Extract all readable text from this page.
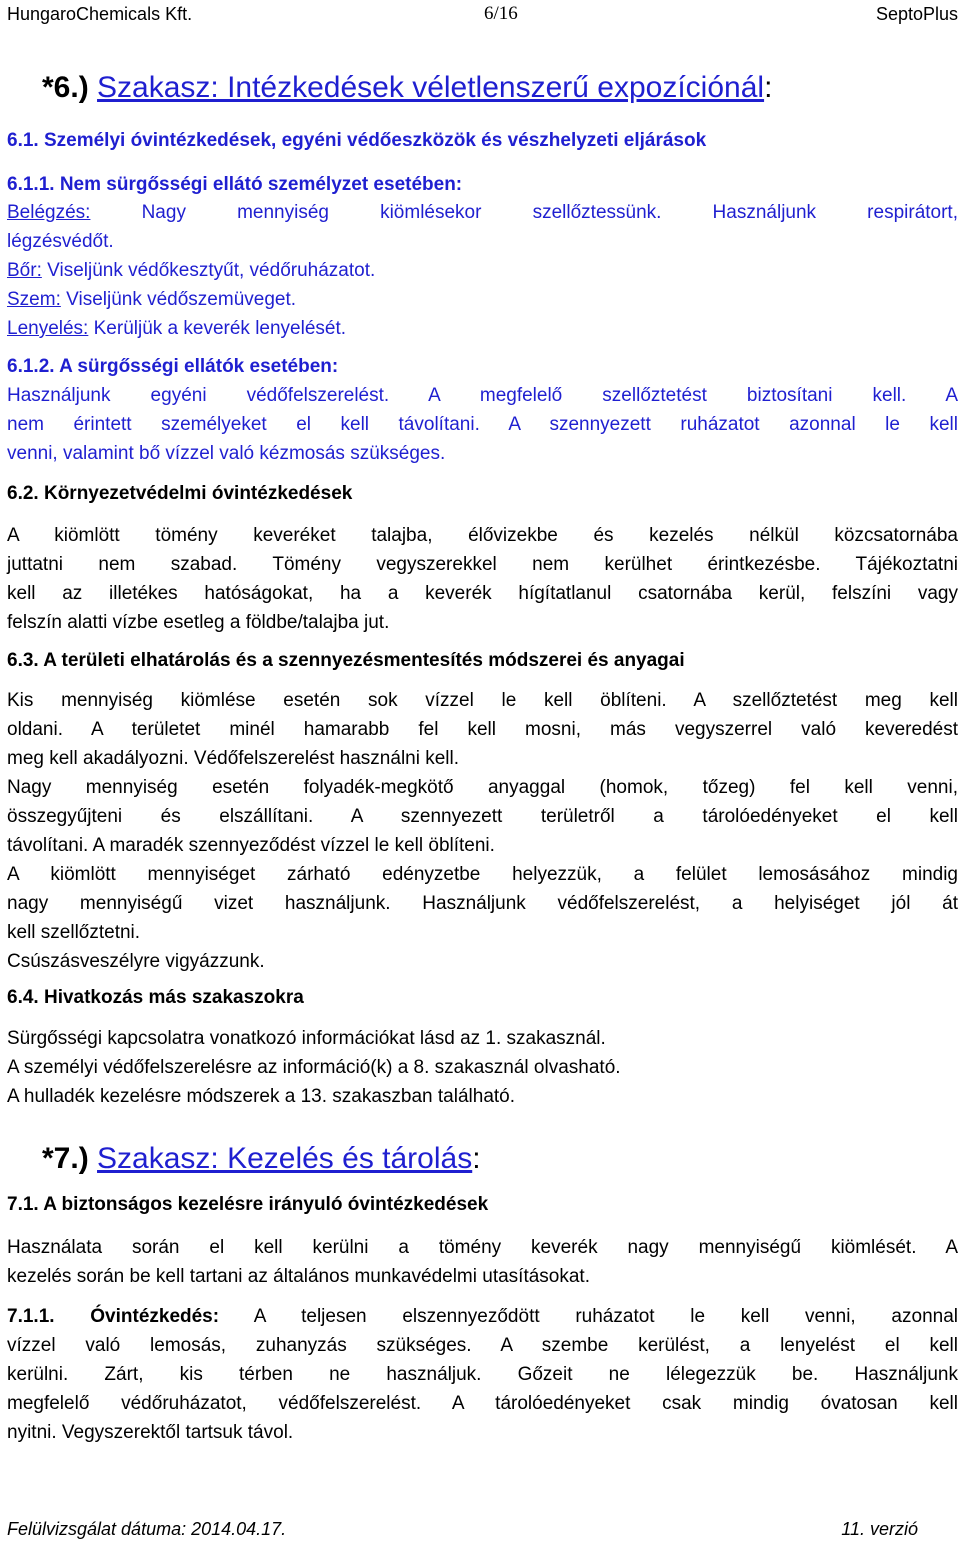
HungaroChemicals Kft.	6/16	SeptoPlus
*6.) Szakasz: Intézkedések véletlenszerű expozíciónál:
6.1. Személyi óvintézkedések, egyéni védőeszközök és vészhelyzeti eljárások
6.1.1. Nem sürgősségi ellátó személyzet esetében:
Belégzés: Nagy mennyiség kiömlésekor szellőztessünk. Használjunk respirátort,
légzésvédőt.
Bőr: Viseljünk védőkesztyűt, védőruházatot.
Szem: Viseljünk védőszemüveget.
Lenyelés: Kerüljük a keverék lenyelését.
6.1.2. A sürgősségi ellátók esetében:
Használjunk egyéni védőfelszerelést. A megfelelő szellőztetést biztosítani kell. A
nem érintett személyeket el kell távolítani. A szennyezett ruházatot azonnal le kell
venni, valamint bő vízzel való kézmosás szükséges.
6.2. Környezetvédelmi óvintézkedések
A kiömlött tömény keveréket talajba, élővizekbe és kezelés nélkül közcsatornába
juttatni nem szabad. Tömény vegyszerekkel nem kerülhet érintkezésbe. Tájékoztatni
kell az illetékes hatóságokat, ha a keverék hígítatlanul csatornába kerül, felszíni vagy
felszín alatti vízbe esetleg a földbe/talajba jut.
6.3. A területi elhatárolás és a szennyezésmentesítés módszerei és anyagai
Kis mennyiség kiömlése esetén sok vízzel le kell öblíteni. A szellőztetést meg kell
oldani. A területet minél hamarabb fel kell mosni, más vegyszerrel való keveredést
meg kell akadályozni. Védőfelszerelést használni kell.
Nagy mennyiség esetén folyadék-megkötő anyaggal (homok, tőzeg) fel kell venni,
összegyűjteni és elszállítani. A szennyezett területről a tárolóedényeket el kell
távolítani. A maradék szennyeződést vízzel le kell öblíteni.
A kiömlött mennyiséget zárható edényzetbe helyezzük, a felület lemosásához mindig
nagy mennyiségű vizet használjunk. Használjunk védőfelszerelést, a helyiséget jól át
kell szellőztetni.
Csúszásveszélyre vigyázzunk.
6.4. Hivatkozás más szakaszokra
Sürgősségi kapcsolatra vonatkozó információkat lásd az 1. szakasznál.
A személyi védőfelszerelésre az információ(k) a 8. szakasznál olvasható.
A hulladék kezelésre módszerek a 13. szakaszban található.
*7.) Szakasz: Kezelés és tárolás:
7.1. A biztonságos kezelésre irányuló óvintézkedések
Használata során el kell kerülni a tömény keverék nagy mennyiségű kiömlését. A
kezelés során be kell tartani az általános munkavédelmi utasításokat.
7.1.1. Óvintézkedés: A teljesen elszennyeződött ruházatot le kell venni, azonnal
vízzel való lemosás, zuhanyzás szükséges. A szembe kerülést, a lenyelést el kell
kerülni. Zárt, kis térben ne használjuk. Gőzeit ne lélegezzük be. Használjunk
megfelelő védőruházatot, védőfelszerelést. A tárolóedényeket csak mindig óvatosan kell
nyitni. Vegyszerektől tartsuk távol.
Felülvizsgálat dátuma: 2014.04.17.	11. verzió
